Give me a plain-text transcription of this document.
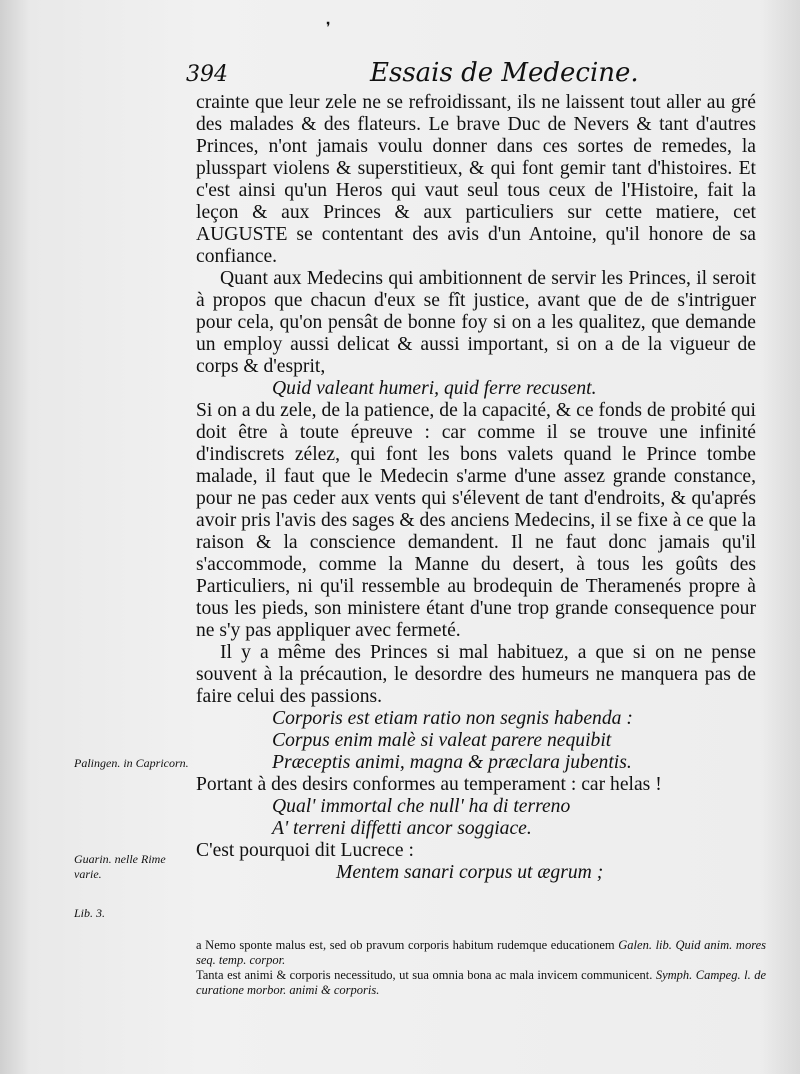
❜
394	Essais de Medecine.

crainte que leur zele ne se refroidissant, ils ne laissent tout aller au gré des malades & des flateurs. Le brave Duc de Nevers & tant d'autres Princes, n'ont jamais voulu donner dans ces sortes de remedes, la plusspart violens & superstitieux, & qui font gemir tant d'histoires. Et c'est ainsi qu'un Heros qui vaut seul tous ceux de l'Histoire, fait la leçon & aux Princes & aux particuliers sur cette matiere, cet AUGUSTE se contentant des avis d'un Antoine, qu'il honore de sa confiance.

Quant aux Medecins qui ambitionnent de servir les Princes, il seroit à propos que chacun d'eux se fît justice, avant que de de s'intriguer pour cela, qu'on pensât de bonne foy si on a les qualitez, que demande un employ aussi delicat & aussi important, si on a de la vigueur de corps & d'esprit,

Quid valeant humeri, quid ferre recusent.

Si on a du zele, de la patience, de la capacité, & ce fonds de probité qui doit être à toute épreuve : car comme il se trouve une infinité d'indiscrets zélez, qui font les bons valets quand le Prince tombe malade, il faut que le Medecin s'arme d'une assez grande constance, pour ne pas ceder aux vents qui s'élevent de tant d'endroits, & qu'aprés avoir pris l'avis des sages & des anciens Medecins, il se fixe à ce que la raison & la conscience demandent. Il ne faut donc jamais qu'il s'accommode, comme la Manne du desert, à tous les goûts des Particuliers, ni qu'il ressemble au brodequin de Theramenés propre à tous les pieds, son ministere étant d'une trop grande consequence pour ne s'y pas appliquer avec fermeté.

Il y a même des Princes si mal habituez, a que si on ne pense souvent à la précaution, le desordre des humeurs ne manquera pas de faire celui des passions.

Corporis est etiam ratio non segnis habenda :

Corpus enim malè si valeat parere nequibit

Præceptis animi, magna & præclara jubentis.

Portant à des desirs conformes au temperament : car helas !

Qual' immortal che null' ha di terreno

A' terreni diffetti ancor soggiace.

C'est pourquoi dit Lucrece :

Mentem sanari corpus ut ægrum ;

Palingen. in Capricorn.
Guarin. nelle Rime varie.
Lib. 3.
a Nemo sponte malus est, sed ob pravum corporis habitum rudemque educationem Galen. lib. Quid anim. mores seq. temp. corpor.
Tanta est animi & corporis necessitudo, ut sua omnia bona ac mala invicem communicent. Symph. Campeg. l. de curatione morbor. animi & corporis.
